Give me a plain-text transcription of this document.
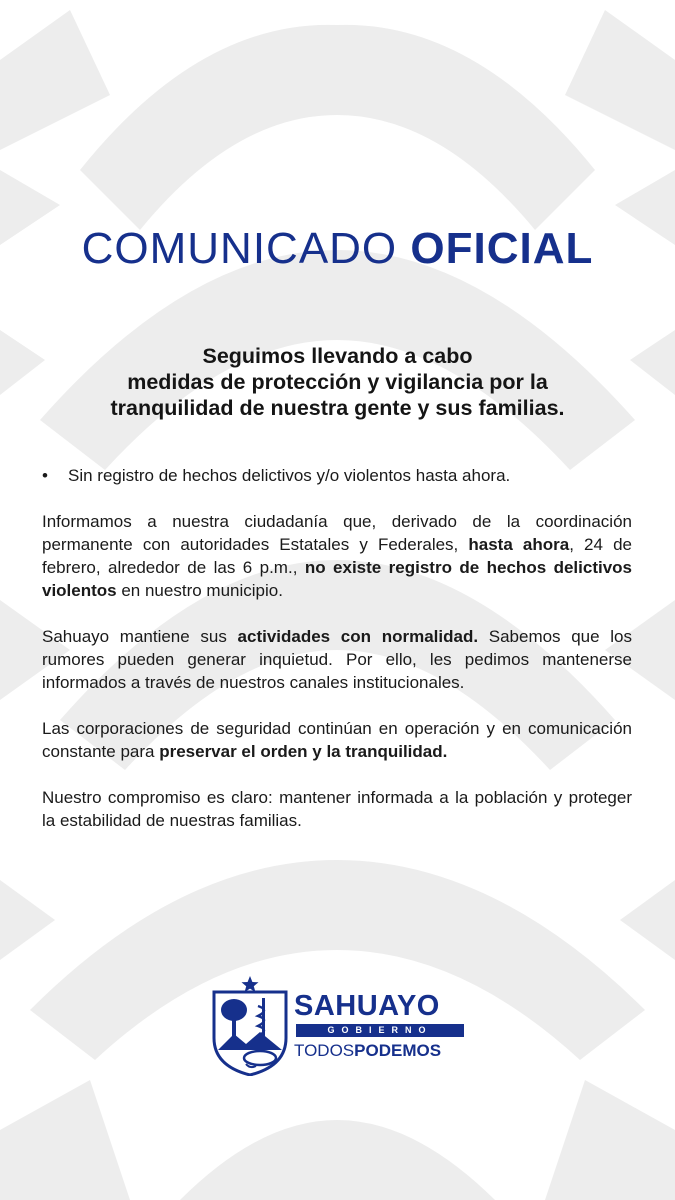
COMUNICADO OFICIAL
Seguimos llevando a cabo
medidas de protección y vigilancia por la
tranquilidad de nuestra gente y sus familias.

• Sin registro de hechos delictivos y/o violentos hasta ahora.

Informamos a nuestra ciudadanía que, derivado de la coordinación permanente con autoridades Estatales y Federales, hasta ahora, 24 de febrero, alrededor de las 6 p.m., no existe registro de hechos delictivos violentos en nuestro municipio.

Sahuayo mantiene sus actividades con normalidad. Sabemos que los rumores pueden generar inquietud. Por ello, les pedimos mantenerse informados a través de nuestros canales institucionales.

Las corporaciones de seguridad continúan en operación y en comunicación constante para preservar el orden y la tranquilidad.

Nuestro compromiso es claro: mantener informada a la población y proteger la estabilidad de nuestras familias.

SAHUAYO
GOBIERNO
TODOSPODEMOS
